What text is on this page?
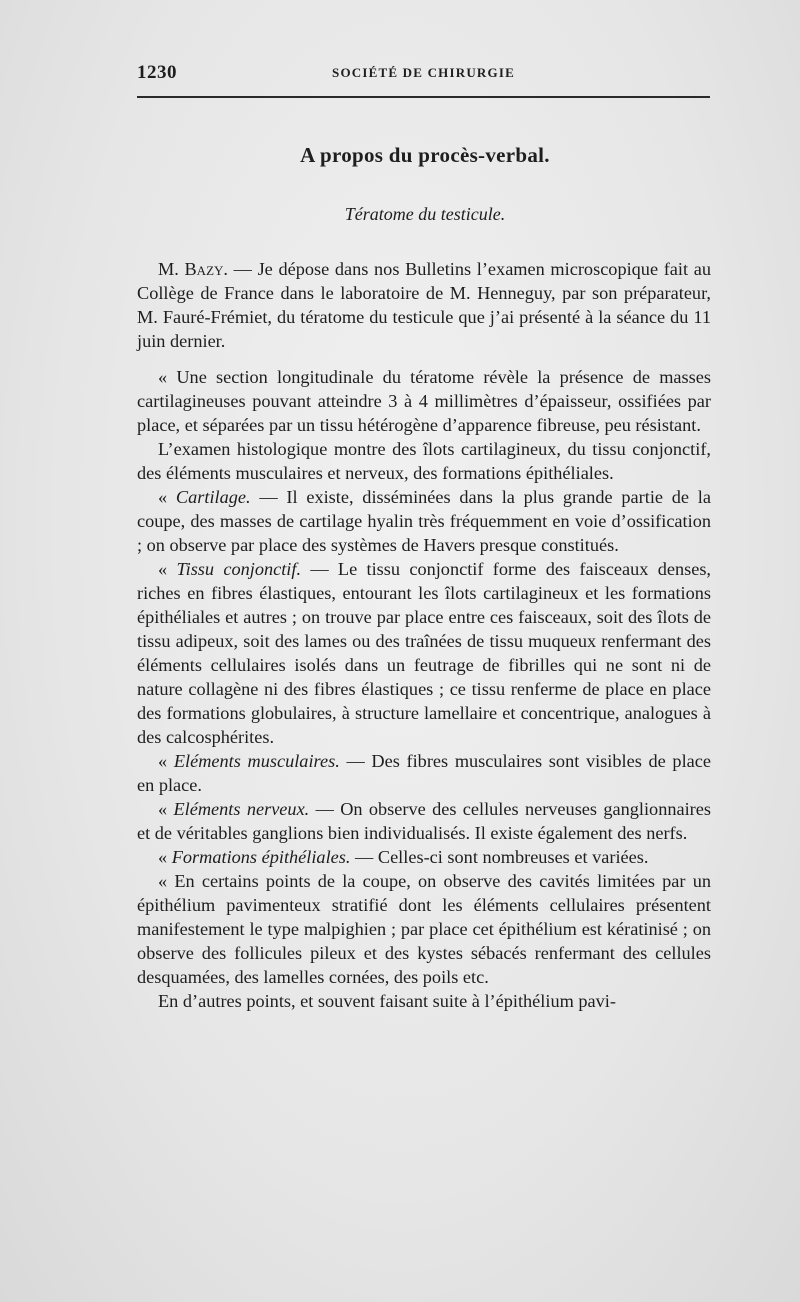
1230	SOCIÉTÉ DE CHIRURGIE
A propos du procès-verbal.
Tératome du testicule.

M. Bazy. — Je dépose dans nos Bulletins l’examen microscopique fait au Collège de France dans le laboratoire de M. Henneguy, par son préparateur, M. Fauré-Frémiet, du tératome du testicule que j’ai présenté à la séance du 11 juin dernier.

« Une section longitudinale du tératome révèle la présence de masses cartilagineuses pouvant atteindre 3 à 4 millimètres d’épaisseur, ossifiées par place, et séparées par un tissu hétérogène d’apparence fibreuse, peu résistant.

L’examen histologique montre des îlots cartilagineux, du tissu conjonctif, des éléments musculaires et nerveux, des formations épithéliales.

« Cartilage. — Il existe, disséminées dans la plus grande partie de la coupe, des masses de cartilage hyalin très fréquemment en voie d’ossification ; on observe par place des systèmes de Havers presque constitués.

« Tissu conjonctif. — Le tissu conjonctif forme des faisceaux denses, riches en fibres élastiques, entourant les îlots cartilagineux et les formations épithéliales et autres ; on trouve par place entre ces faisceaux, soit des îlots de tissu adipeux, soit des lames ou des traînées de tissu muqueux renfermant des éléments cellulaires isolés dans un feutrage de fibrilles qui ne sont ni de nature collagène ni des fibres élastiques ; ce tissu renferme de place en place des formations globulaires, à structure lamellaire et concentrique, analogues à des calcosphérites.

« Eléments musculaires. — Des fibres musculaires sont visibles de place en place.

« Eléments nerveux. — On observe des cellules nerveuses ganglionnaires et de véritables ganglions bien individualisés. Il existe également des nerfs.

« Formations épithéliales. — Celles-ci sont nombreuses et variées.

« En certains points de la coupe, on observe des cavités limitées par un épithélium pavimenteux stratifié dont les éléments cellulaires présentent manifestement le type malpighien ; par place cet épithélium est kératinisé ; on observe des follicules pileux et des kystes sébacés renfermant des cellules desquamées, des lamelles cornées, des poils etc.

En d’autres points, et souvent faisant suite à l’épithélium pavi-
